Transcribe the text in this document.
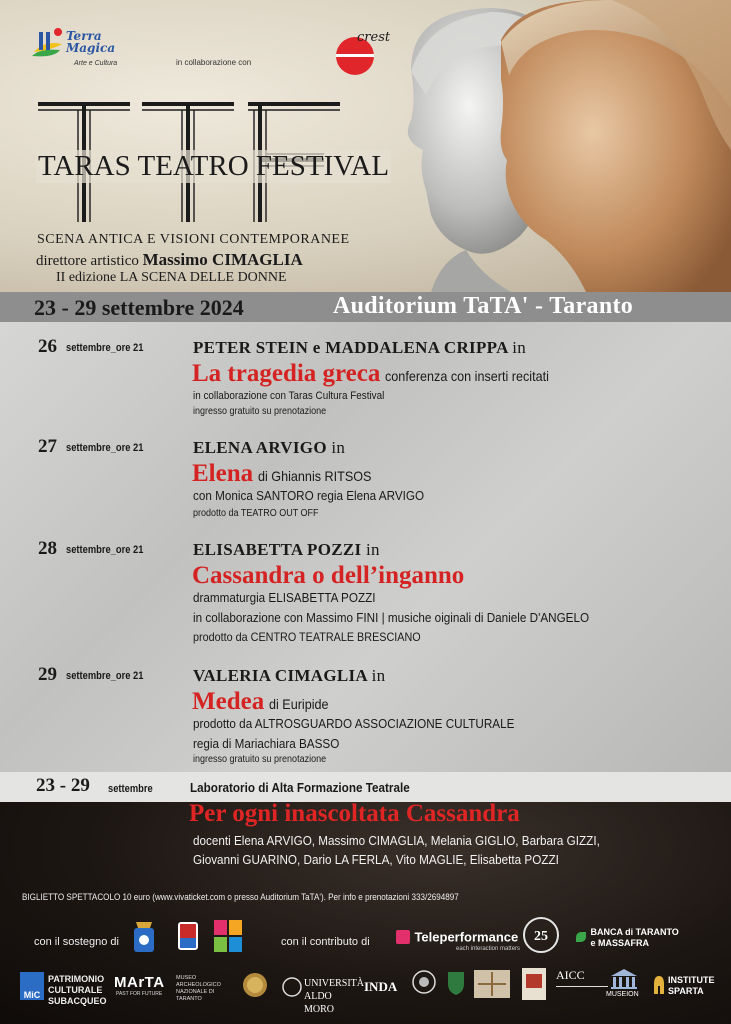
Terra
Magica
Arte e Cultura	in collaborazione con
crest
TARAS TEATRO FESTIVAL
SCENA ANTICA E VISIONI CONTEMPORANEE
direttore artistico Massimo CIMAGLIA
II edizione LA SCENA DELLE DONNE
23 - 29 settembre 2024	Auditorium TaTA' - Taranto
26 settembre_ore 21	PETER STEIN e MADDALENA CRIPPA in
La tragedia greca conferenza con inserti recitati
in collaborazione con Taras Cultura Festival
ingresso gratuito su prenotazione
27 settembre_ore 21	ELENA ARVIGO in
Elena di Ghiannis RITSOS
con Monica SANTORO regia Elena ARVIGO
prodotto da TEATRO OUT OFF
28 settembre_ore 21	ELISABETTA POZZI in
Cassandra o dell’inganno
drammaturgia ELISABETTA POZZI
in collaborazione con Massimo FINI | musiche oiginali di Daniele D'ANGELO
prodotto da CENTRO TEATRALE BRESCIANO
29 settembre_ore 21	VALERIA CIMAGLIA in
Medea di Euripide
prodotto da ALTROSGUARDO ASSOCIAZIONE CULTURALE
regia di Mariachiara BASSO
ingresso gratuito su prenotazione
23 - 29 settembre	Laboratorio di Alta Formazione Teatrale
Per ogni inascoltata Cassandra
docenti Elena ARVIGO, Massimo CIMAGLIA, Melania GIGLIO, Barbara GIZZI,
Giovanni GUARINO, Dario LA FERLA, Vito MAGLIE, Elisabetta POZZI
BIGLIETTO SPETTACOLO 10 euro (www.vivaticket.com o presso Auditorium TaTA'). Per info e prenotazioni 333/2694897
con il sostegno di	con il contributo di	Teleperformance
each interaction matters
25	BANCA di TARANTO
e MASSAFRA
MiC
PATRIMONIO
CULTURALE
SUBACQUEO
MArTA
PAST FOR FUTURE
MUSEO ARCHEOLOGICO NAZIONALE DI TARANTO
UNIVERSITÀ
ALDO MORO
INDA
AICC
MUSEION
INSTITUTE
SPARTA
